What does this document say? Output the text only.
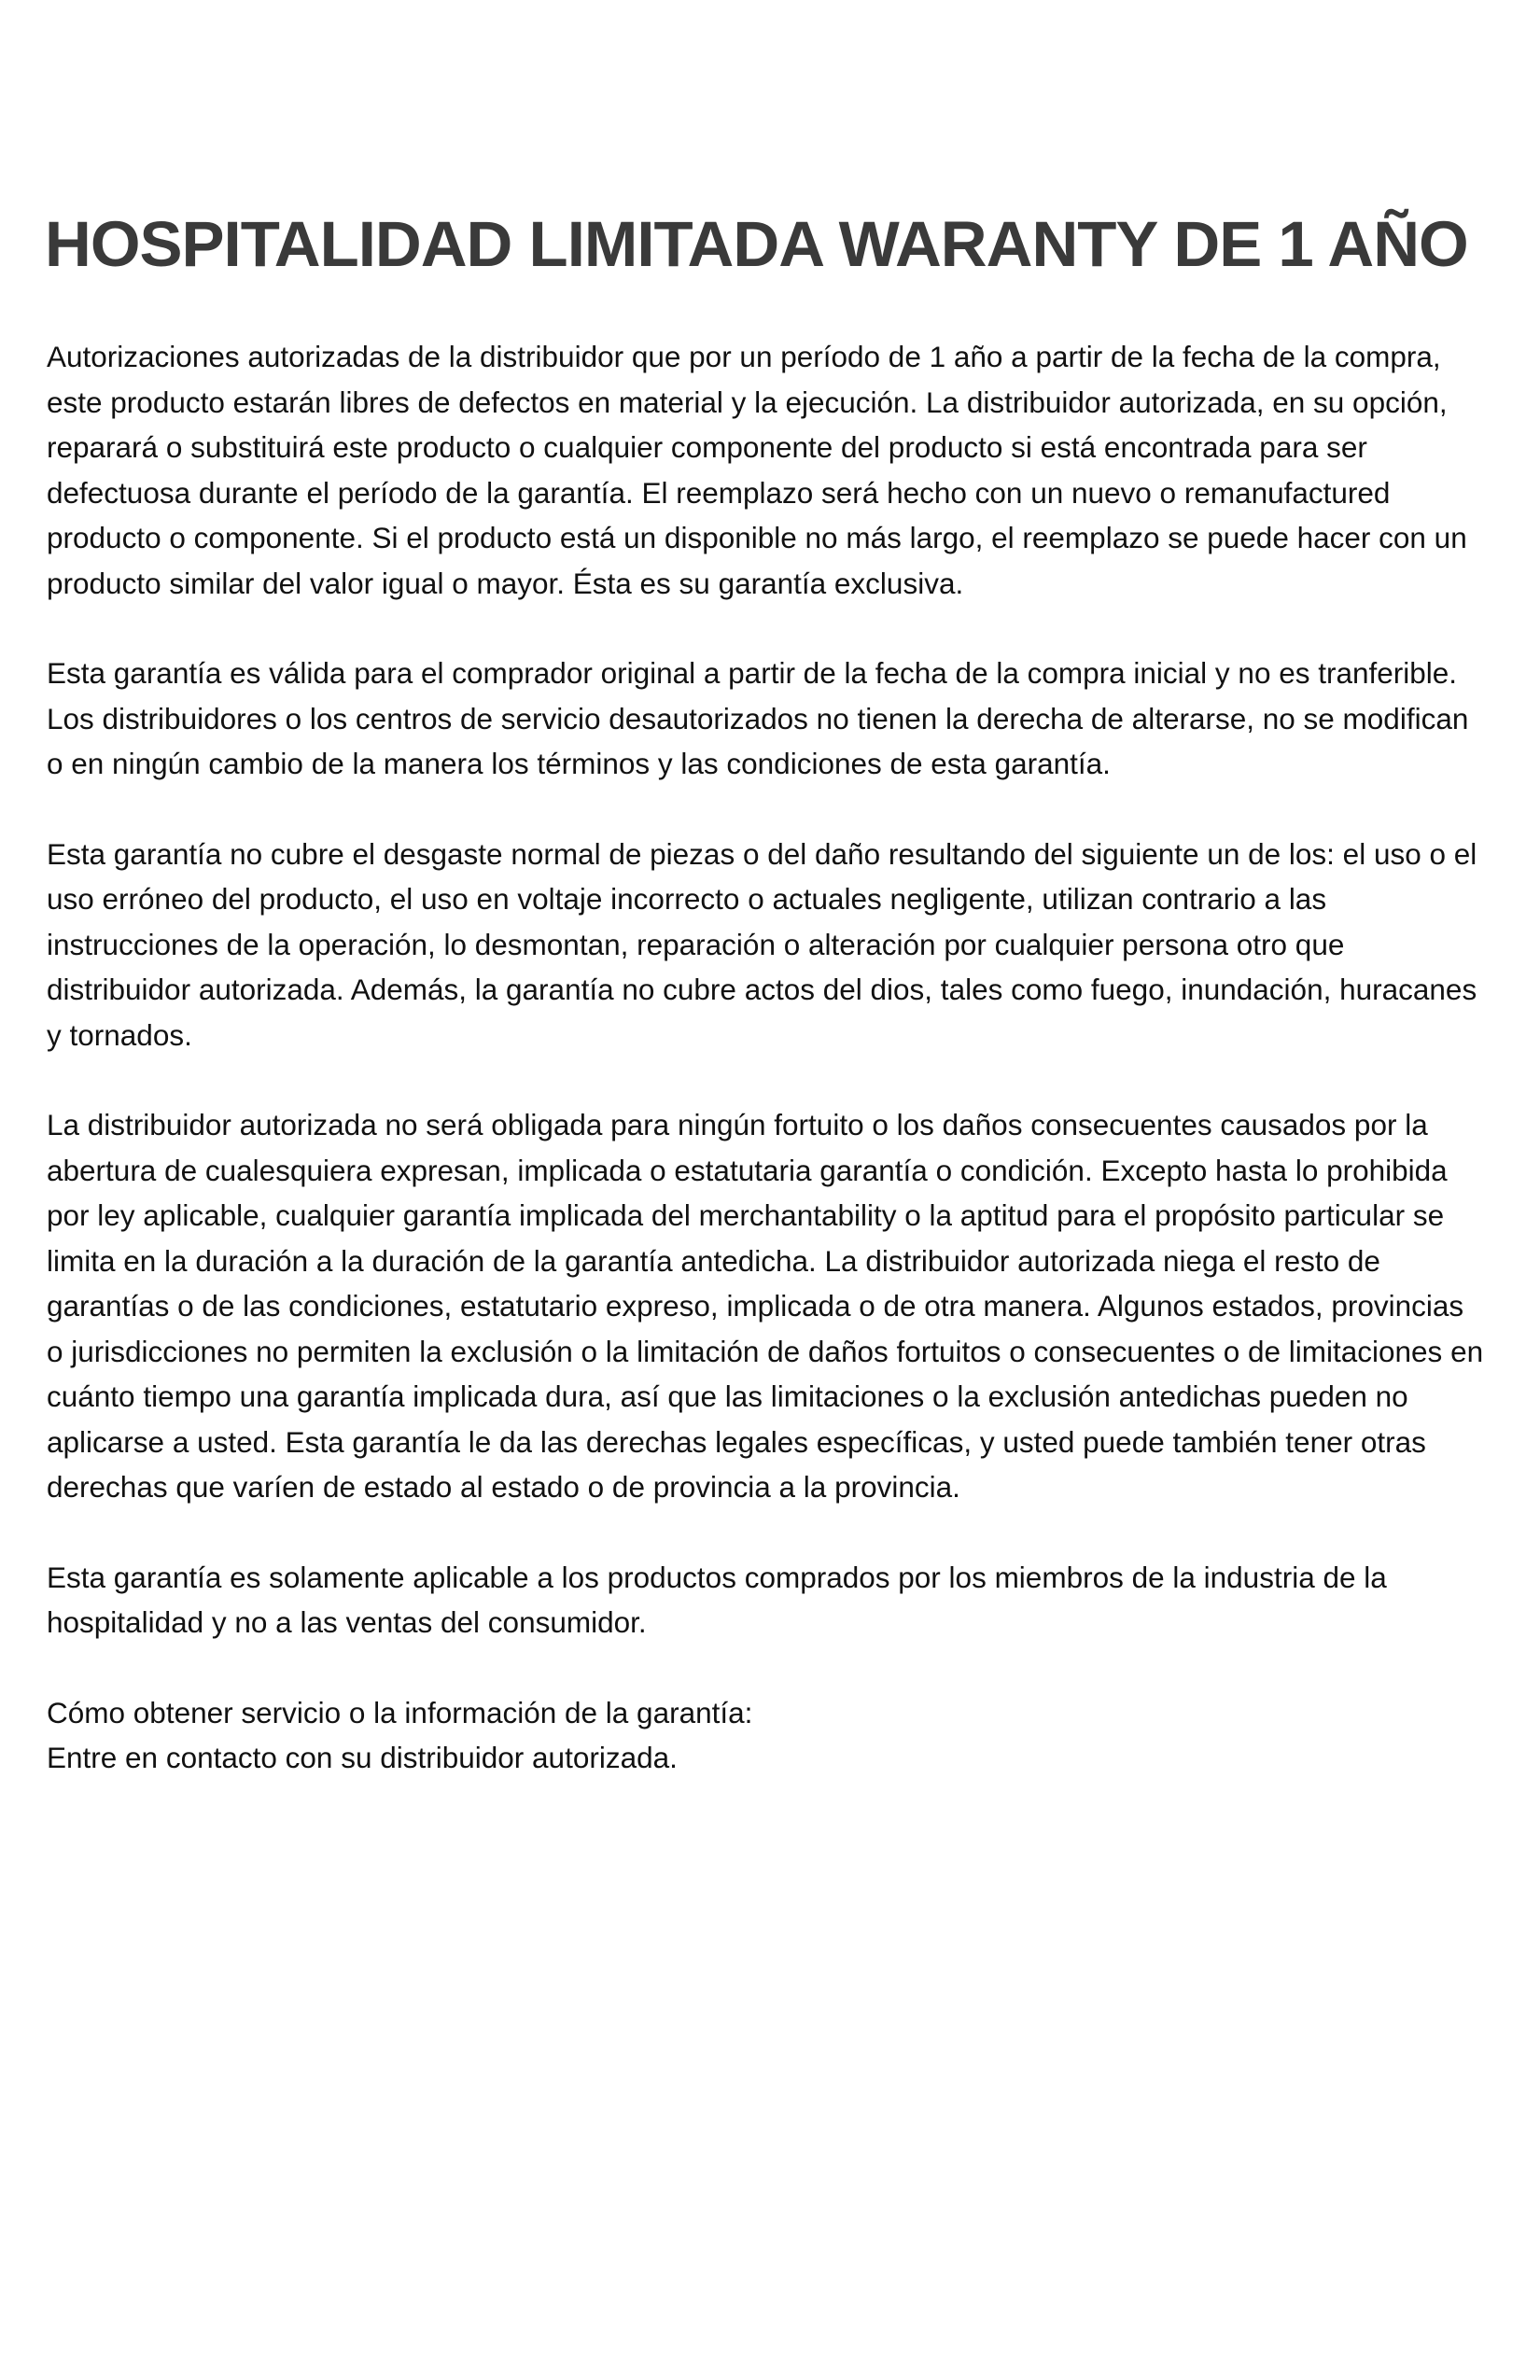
HOSPITALIDAD LIMITADA WARANTY DE 1 AÑO

Autorizaciones autorizadas de la distribuidor que por un período de 1 año a partir de la fecha de la compra, este producto estarán libres de defectos en material y la ejecución. La distribuidor autorizada, en su opción, reparará o substituirá este producto o cualquier componente del producto si está encontrada para ser defectuosa durante el período de la garantía. El reemplazo será hecho con un nuevo o remanufactured producto o componente. Si el producto está un disponible no más largo, el reemplazo se puede hacer con un producto similar del valor igual o mayor. Ésta es su garantía exclusiva.

Esta garantía es válida para el comprador original a partir de la fecha de la compra inicial y no es tranferible. Los distribuidores o los centros de servicio desautorizados no tienen la derecha de alterarse, no se modifican o en ningún cambio de la manera los términos y las condiciones de esta garantía.

Esta garantía no cubre el desgaste normal de piezas o del daño resultando del siguiente un de los: el uso o el uso erróneo del producto, el uso en voltaje incorrecto o actuales negligente, utilizan contrario a las instrucciones de la operación, lo desmontan, reparación o alteración por cualquier persona otro que distribuidor autorizada. Además, la garantía no cubre actos del dios, tales como fuego, inundación, huracanes y tornados.

La distribuidor autorizada no será obligada para ningún fortuito o los daños consecuentes causados por la abertura de cualesquiera expresan, implicada o estatutaria garantía o condición. Excepto hasta lo prohibida por ley aplicable, cualquier garantía implicada del merchantability o la aptitud para el propósito particular se limita en la duración a la duración de la garantía antedicha. La distribuidor autorizada niega el resto de garantías o de las condiciones, estatutario expreso, implicada o de otra manera. Algunos estados, provincias o jurisdicciones no permiten la exclusión o la limitación de daños fortuitos o consecuentes o de limitaciones en cuánto tiempo una garantía implicada dura, así que las limitaciones o la exclusión antedichas pueden no aplicarse a usted. Esta garantía le da las derechas legales específicas, y usted puede también tener otras derechas que varíen de estado al estado o de provincia a la provincia.

Esta garantía es solamente aplicable a los productos comprados por los miembros de la industria de la hospitalidad y no a las ventas del consumidor.

Cómo obtener servicio o la información de la garantía:

Entre en contacto con su distribuidor autorizada.
